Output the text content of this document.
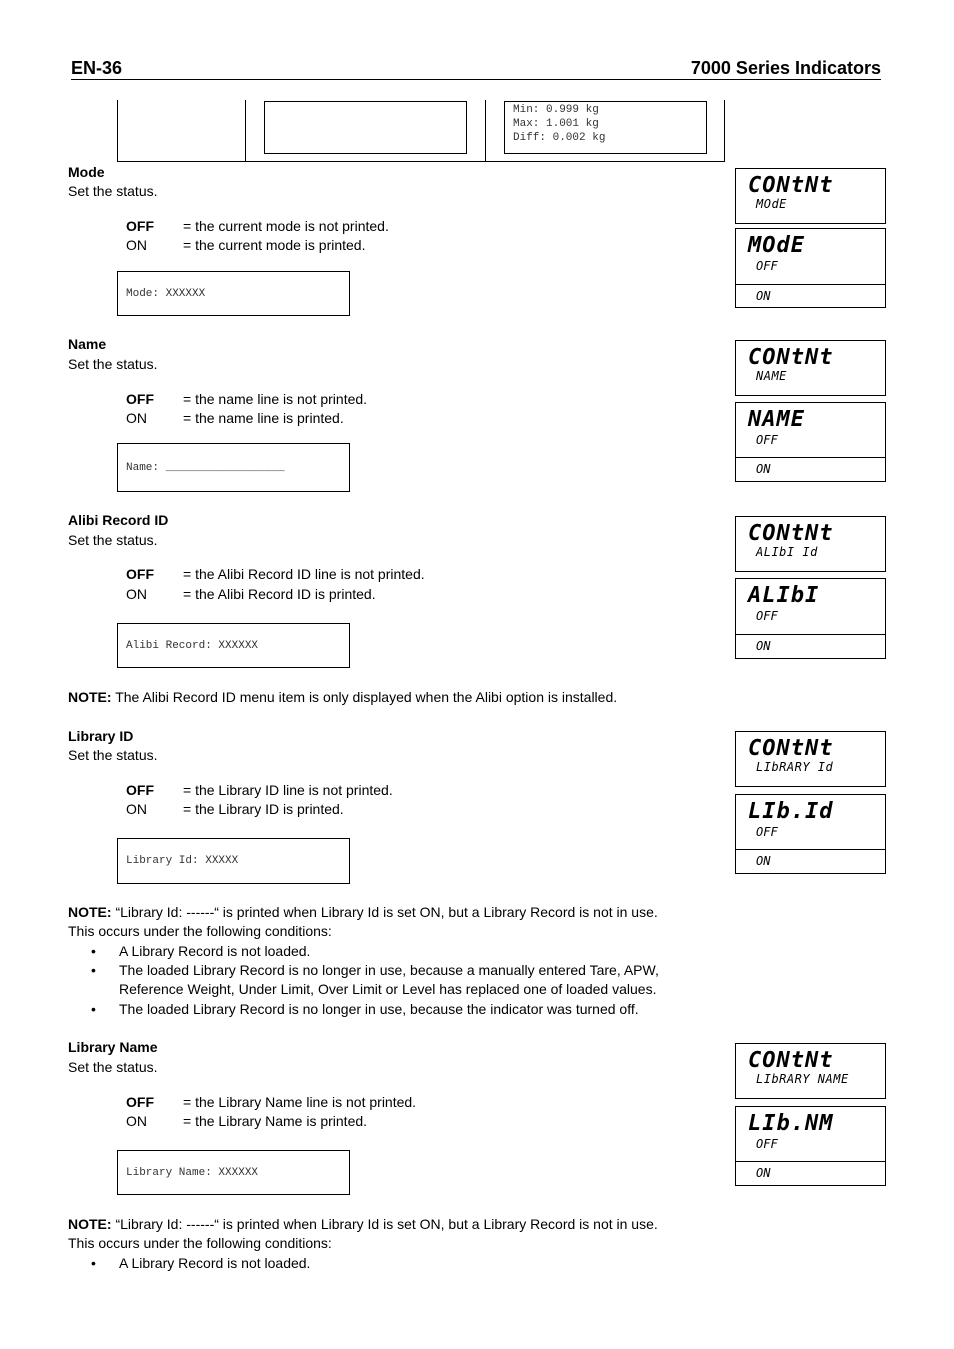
EN-36	7000 Series Indicators
Min: 0.999 kg
Max: 1.001 kg
Diff: 0.002 kg
Mode
Set the status.
OFF = the current mode is not printed.
ON	= the current mode is printed.
Mode: XXXXXX
CONtNt
MOdE
MOdE
OFF
ON
Name
Set the status.
OFF = the name line is not printed.
ON	= the name line is printed.
Name: __________________
CONtNt
NAME
NAME
OFF
ON
Alibi Record ID
Set the status.
OFF = the Alibi Record ID line is not printed.
ON	= the Alibi Record ID is printed.
Alibi Record: XXXXXX
CONtNt
ALIbI Id
ALIbI
OFF
ON
NOTE: The Alibi Record ID menu item is only displayed when the Alibi option is installed.
Library ID
Set the status.
OFF = the Library ID line is not printed.
ON	= the Library ID is printed.
Library Id: XXXXX
CONtNt
LIbRARY Id
LIb.Id
OFF
ON
NOTE: “Library Id: ------“ is printed when Library Id is set ON, but a Library Record is not in use.
This occurs under the following conditions:
• A Library Record is not loaded.
• The loaded Library Record is no longer in use, because a manually entered Tare, APW,
Reference Weight, Under Limit, Over Limit or Level has replaced one of loaded values.
• The loaded Library Record is no longer in use, because the indicator was turned off.
Library Name
Set the status.
OFF = the Library Name line is not printed.
ON	= the Library Name is printed.
Library Name: XXXXXX
CONtNt
LIbRARY NAME
LIb.NM
OFF
ON
NOTE: “Library Id: ------“ is printed when Library Id is set ON, but a Library Record is not in use.
This occurs under the following conditions:
• A Library Record is not loaded.
